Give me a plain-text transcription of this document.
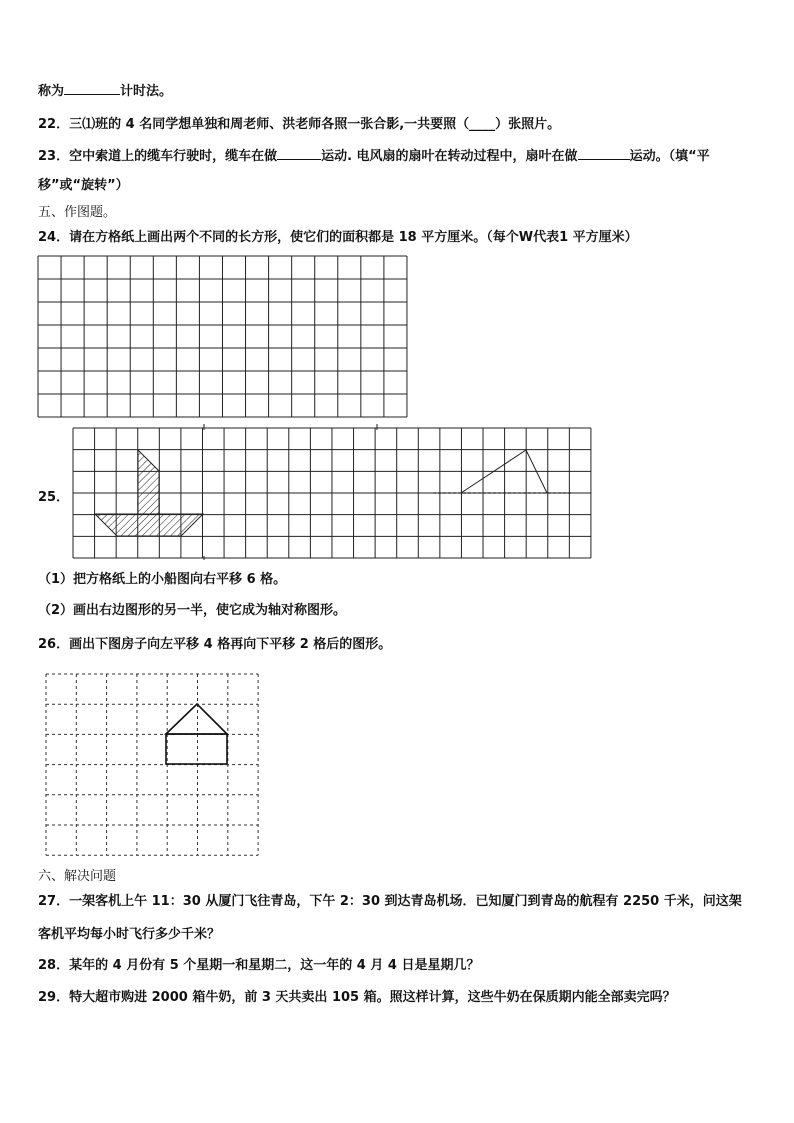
称为	计时法。
22．三⑴班的 4 名同学想单独和周老师、洪老师各照一张合影,一共要照（____）张照片。
23．空中索道上的缆车行驶时，缆车在做	运动. 电风扇的扇叶在转动过程中，扇叶在做	运动。（填“平
移”或“旋转”）
五、作图题。
24．请在方格纸上画出两个不同的长方形，使它们的面积都是 18 平方厘米。（每个W代表1 平方厘米）
25．
（1）把方格纸上的小船图向右平移 6 格。
（2）画出右边图形的另一半，使它成为轴对称图形。
26．画出下图房子向左平移 4 格再向下平移 2 格后的图形。
六、解决问题
27．一架客机上午 11：30 从厦门飞往青岛，下午 2：30 到达青岛机场．已知厦门到青岛的航程有 2250 千米，问这架
客机平均每小时飞行多少千米？
28．某年的 4 月份有 5 个星期一和星期二，这一年的 4 月 4 日是星期几？
29．特大超市购进 2000 箱牛奶，前 3 天共卖出 105 箱。照这样计算，这些牛奶在保质期内能全部卖完吗？
